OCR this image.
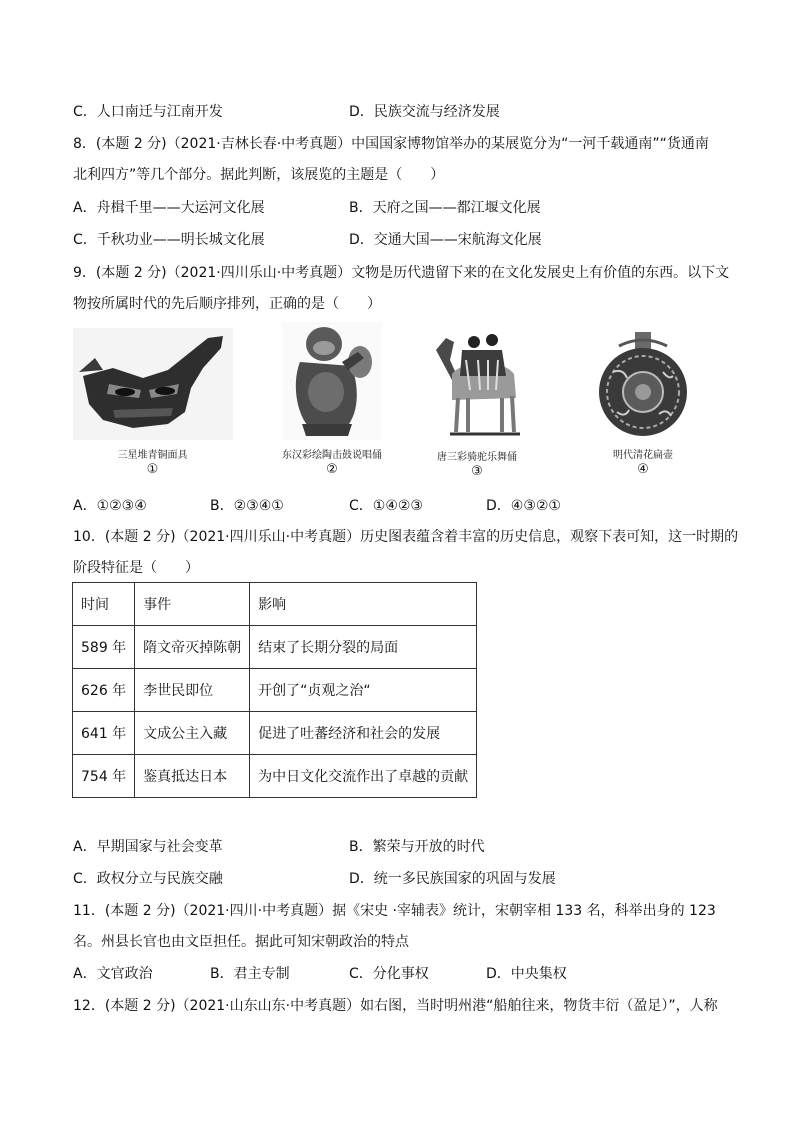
C．人口南迁与江南开发	D．民族交流与经济发展
8．(本题 2 分)（2021·吉林长春·中考真题）中国国家博物馆举办的某展览分为“一河千载通南”“货通南
北利四方”等几个部分。据此判断，该展览的主题是（　　）
A．舟楫千里——大运河文化展	B．天府之国——都江堰文化展
C．千秋功业——明长城文化展	D．交通大国——宋航海文化展
9．(本题 2 分)（2021·四川乐山·中考真题）文物是历代遗留下来的在文化发展史上有价值的东西。以下文
物按所属时代的先后顺序排列，正确的是（　　）
三星堆青铜面具
①
东汉彩绘陶击鼓说唱俑
②
唐三彩骑驼乐舞俑
③
明代清花扁壶
④
A．①②③④	B．②③④①	C．①④②③	D．④③②①
10．(本题 2 分)（2021·四川乐山·中考真题）历史图表蕴含着丰富的历史信息，观察下表可知，这一时期的
阶段特征是（　　）
时间	事件	影响
589 年	隋文帝灭掉陈朝	结束了长期分裂的局面
626 年	李世民即位	开创了“贞观之治“
641 年	文成公主入藏	促进了吐蕃经济和社会的发展
754 年	鉴真抵达日本	为中日文化交流作出了卓越的贡献
A．早期国家与社会变革	B．繁荣与开放的时代
C．政权分立与民族交融	D．统一多民族国家的巩固与发展
11．(本题 2 分)（2021·四川·中考真题）据《宋史 ·宰辅表》统计，宋朝宰相 133 名，科举出身的 123
名。州县长官也由文臣担任。据此可知宋朝政治的特点
A．文官政治	B．君主专制	C．分化事权	D．中央集权
12．(本题 2 分)（2021·山东山东·中考真题）如右图，当时明州港“船舶往来，物货丰衍（盈足）”，人称
